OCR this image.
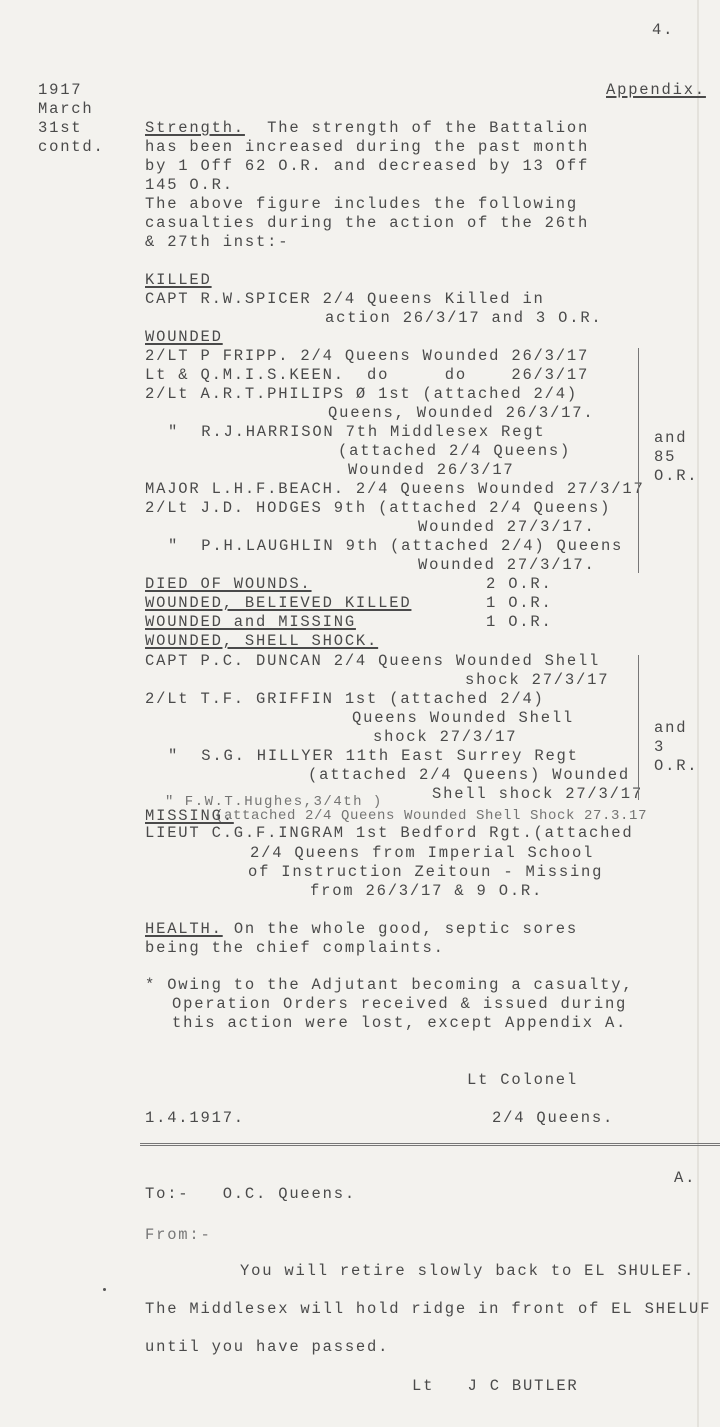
4.
1917
March
31st
contd.
Appendix.
Strength.  The strength of the Battalion
has been increased during the past month
by 1 Off 62 O.R. and decreased by 13 Off
145 O.R.
The above figure includes the following
casualties during the action of the 26th
& 27th inst:-
KILLED
CAPT R.W.SPICER 2/4 Queens Killed in
action 26/3/17 and 3 O.R.
WOUNDED
2/LT P FRIPP. 2/4 Queens Wounded 26/3/17
Lt & Q.M.I.S.KEEN.  do     do    26/3/17
2/Lt A.R.T.PHILIPS Ø 1st (attached 2/4)
Queens, Wounded 26/3/17.
"  R.J.HARRISON 7th Middlesex Regt
(attached 2/4 Queens)
Wounded 26/3/17
MAJOR L.H.F.BEACH. 2/4 Queens Wounded 27/3/17
2/Lt J.D. HODGES 9th (attached 2/4 Queens)
Wounded 27/3/17.
"  P.H.LAUGHLIN 9th (attached 2/4) Queens
Wounded 27/3/17.
and
85
O.R.
DIED OF WOUNDS.	2 O.R.
WOUNDED, BELIEVED KILLED	1 O.R.
WOUNDED and MISSING	1 O.R.
WOUNDED, SHELL SHOCK.
CAPT P.C. DUNCAN 2/4 Queens Wounded Shell
shock 27/3/17
2/Lt T.F. GRIFFIN 1st (attached 2/4)
Queens Wounded Shell
shock 27/3/17
"  S.G. HILLYER 11th East Surrey Regt
(attached 2/4 Queens) Wounded
Shell shock 27/3/17
and
3
O.R.
" F.W.T.Hughes,3/4th )
MISSING.
(attached 2/4 Queens Wounded Shell Shock 27.3.17
LIEUT C.G.F.INGRAM 1st Bedford Rgt.(attached
2/4 Queens from Imperial School
of Instruction Zeitoun - Missing
from 26/3/17 & 9 O.R.
HEALTH. On the whole good, septic sores
being the chief complaints.
* Owing to the Adjutant becoming a casualty,
Operation Orders received & issued during
this action were lost, except Appendix A.
Lt Colonel
1.4.1917.	2/4 Queens.
A.
To:-   O.C. Queens.
From:-
You will retire slowly back to EL SHULEF.
The Middlesex will hold ridge in front of EL SHELUF
until you have passed.
Lt   J C BUTLER
